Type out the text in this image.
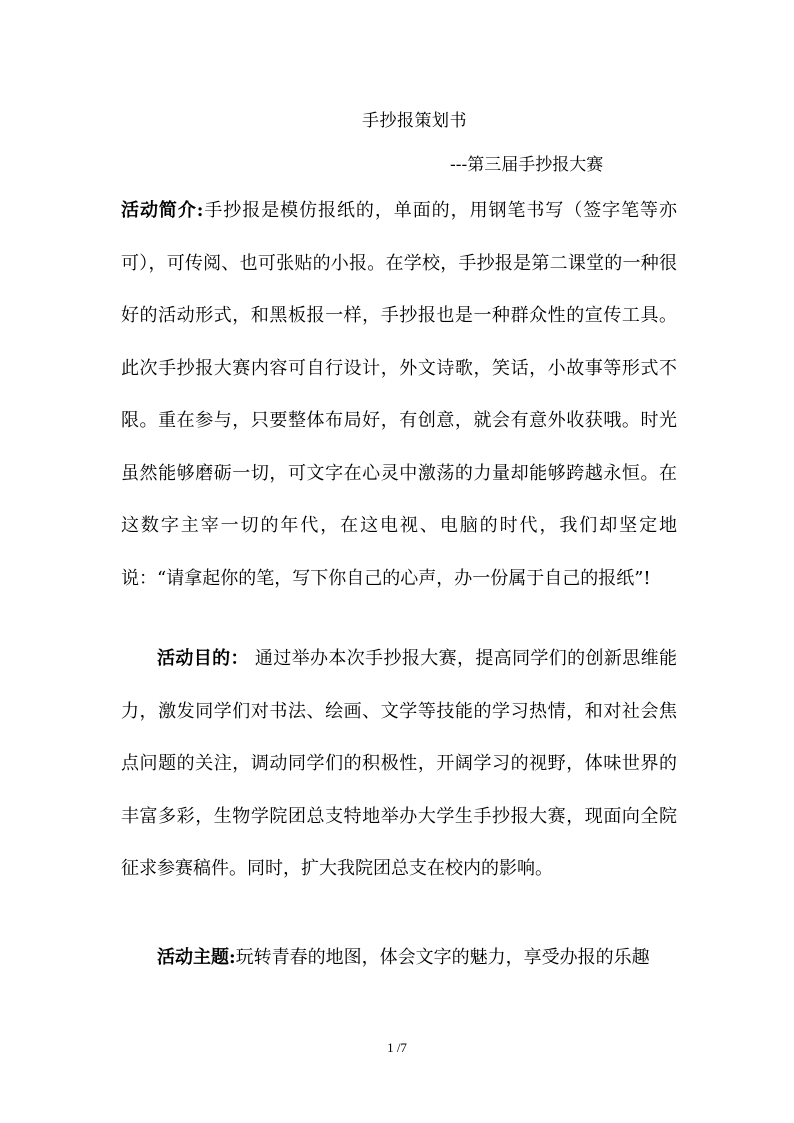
手抄报策划书
---第三届手抄报大赛
活动简介:手抄报是模仿报纸的，单面的，用钢笔书写（签字笔等亦可），可传阅、也可张贴的小报。在学校，手抄报是第二课堂的一种很好的活动形式，和黑板报一样，手抄报也是一种群众性的宣传工具。此次手抄报大赛内容可自行设计，外文诗歌，笑话，小故事等形式不限。重在参与，只要整体布局好，有创意，就会有意外收获哦。时光虽然能够磨砺一切，可文字在心灵中激荡的力量却能够跨越永恒。在这数字主宰一切的年代，在这电视、电脑的时代，我们却坚定地说：“请拿起你的笔，写下你自己的心声，办一份属于自己的报纸”!
活动目的： 通过举办本次手抄报大赛，提高同学们的创新思维能力，激发同学们对书法、绘画、文学等技能的学习热情，和对社会焦点问题的关注，调动同学们的积极性，开阔学习的视野，体味世界的丰富多彩，生物学院团总支特地举办大学生手抄报大赛，现面向全院征求参赛稿件。同时，扩大我院团总支在校内的影响。
活动主题:玩转青春的地图，体会文字的魅力，享受办报的乐趣
1 /7
